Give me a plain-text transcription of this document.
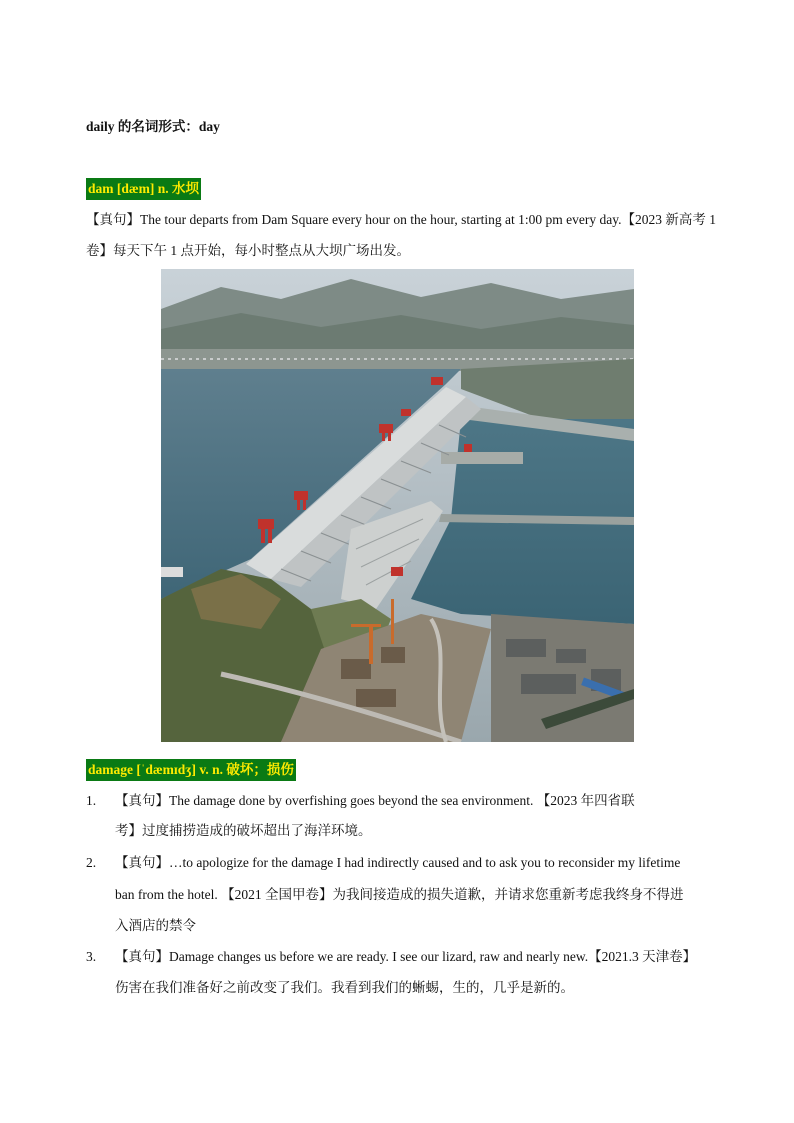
daily 的名词形式：day
dam [dæm] n. 水坝
【真句】The tour departs from Dam Square every hour on the hour, starting at 1:00 pm every day.【2023 新高考 1
卷】每天下午 1 点开始，每小时整点从大坝广场出发。
damage [ˈdæmɪdʒ] v. n. 破坏；损伤
1. 【真句】The damage done by overfishing goes beyond the sea environment. 【2023 年四省联
考】过度捕捞造成的破坏超出了海洋环境。
2. 【真句】…to apologize for the damage I had indirectly caused and to ask you to reconsider my lifetime
ban from the hotel. 【2021 全国甲卷】为我间接造成的损失道歉，并请求您重新考虑我终身不得进
入酒店的禁令
3. 【真句】Damage changes us before we are ready. I see our lizard, raw and nearly new.【2021.3 天津卷】
伤害在我们准备好之前改变了我们。我看到我们的蜥蜴，生的，几乎是新的。
